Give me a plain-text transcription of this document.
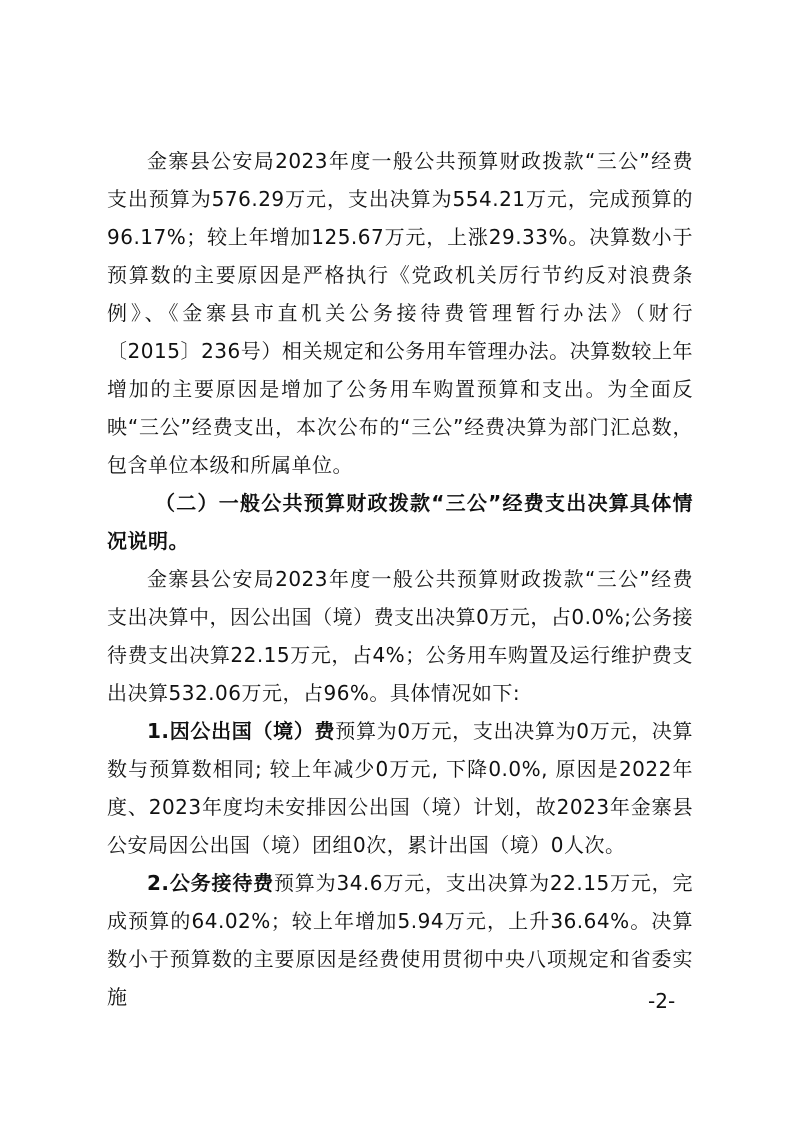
金寨县公安局2023年度一般公共预算财政拨款“三公”经费支出预算为576.29万元，支出决算为554.21万元，完成预算的96.17%；较上年增加125.67万元，上涨29.33%。决算数小于预算数的主要原因是严格执行《党政机关厉行节约反对浪费条例》、《金寨县市直机关公务接待费管理暂行办法》（财行〔2015〕236号）相关规定和公务用车管理办法。决算数较上年增加的主要原因是增加了公务用车购置预算和支出。为全面反映“三公”经费支出，本次公布的“三公”经费决算为部门汇总数，包含单位本级和所属单位。

（二）一般公共预算财政拨款“三公”经费支出决算具体情况说明。

金寨县公安局2023年度一般公共预算财政拨款“三公”经费支出决算中，因公出国（境）费支出决算0万元，占0.0%;公务接待费支出决算22.15万元，占4%；公务用车购置及运行维护费支出决算532.06万元，占96%。具体情况如下:

1.因公出国（境）费预算为0万元，支出决算为0万元，决算数与预算数相同; 较上年减少0万元, 下降0.0%, 原因是2022年度、2023年度均未安排因公出国（境）计划，故2023年金寨县公安局因公出国（境）团组0次，累计出国（境）0人次。

2.公务接待费预算为34.6万元，支出决算为22.15万元，完成预算的64.02%；较上年增加5.94万元，上升36.64%。决算数小于预算数的主要原因是经费使用贯彻中央八项规定和省委实施	-2-
